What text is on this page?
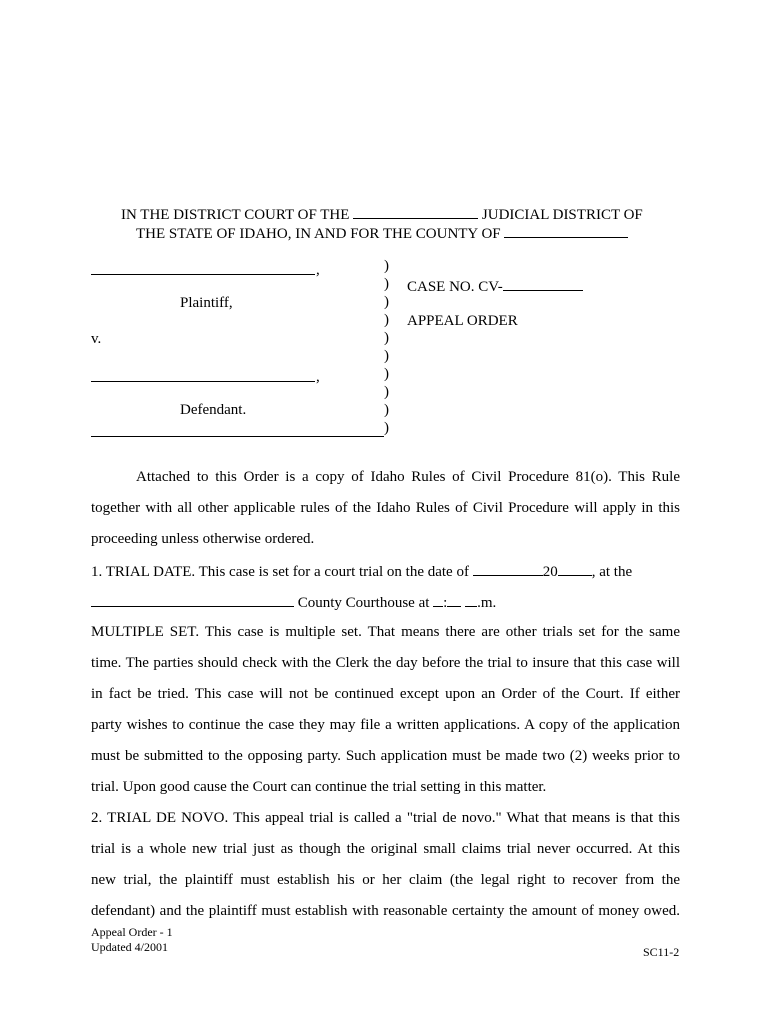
IN THE DISTRICT COURT OF THE	JUDICIAL DISTRICT OF
THE STATE OF IDAHO, IN AND FOR THE COUNTY OF
,
Plaintiff,
v.
,
Defendant.
)
)
)
)
)
)
)
)
)
)
CASE NO. CV-
APPEAL ORDER
Attached to this Order is a copy of Idaho Rules of Civil Procedure 81(o). This Rule
together with all other applicable rules of the Idaho Rules of Civil Procedure will apply in this
proceeding unless otherwise ordered.
1. TRIAL DATE. This case is set for a court trial on the date of	20 , at the
County Courthouse at : .m.
MULTIPLE SET. This case is multiple set. That means there are other trials set for the same
time. The parties should check with the Clerk the day before the trial to insure that this case will
in fact be tried. This case will not be continued except upon an Order of the Court. If either
party wishes to continue the case they may file a written applications. A copy of the application
must be submitted to the opposing party. Such application must be made two (2) weeks prior to
trial. Upon good cause the Court can continue the trial setting in this matter.
2. TRIAL DE NOVO. This appeal trial is called a "trial de novo." What that means is that this
trial is a whole new trial just as though the original small claims trial never occurred. At this
new trial, the plaintiff must establish his or her claim (the legal right to recover from the
defendant) and the plaintiff must establish with reasonable certainty the amount of money owed.
Appeal Order - 1
Updated 4/2001	SC11-2
